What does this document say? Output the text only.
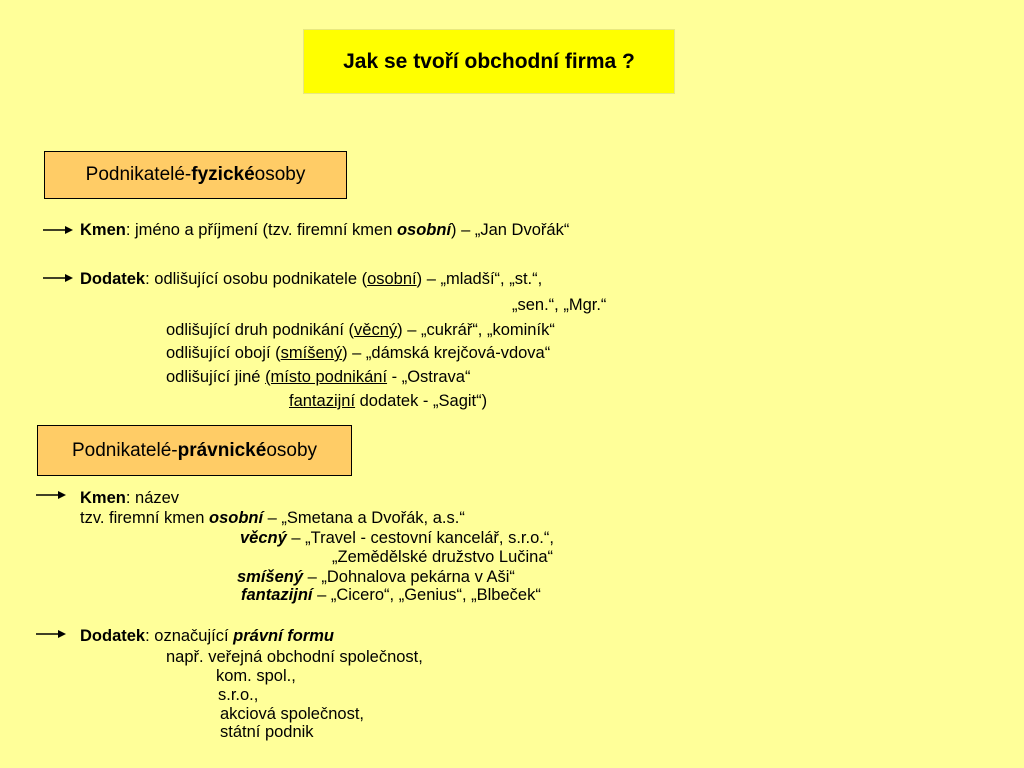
Jak se tvoří obchodní firma ?
Podnikatelé- fyzické osoby
Kmen: jméno a příjmení (tzv. firemní kmen osobní) – „Jan Dvořák“
Dodatek: odlišující osobu podnikatele (osobní) – „mladší“, „st.“,
„sen.“, „Mgr.“
odlišující druh podnikání (věcný) – „cukrář“, „kominík“
odlišující obojí (smíšený) – „dámská krejčová-vdova“
odlišující jiné (místo podnikání - „Ostrava“
fantazijní dodatek - „Sagit“)
Podnikatelé- právnické osoby
Kmen: název
tzv. firemní kmen osobní – „Smetana a Dvořák, a.s.“
věcný – „Travel - cestovní kancelář, s.r.o.“,
„Zemědělské družstvo Lučina“
smíšený – „Dohnalova pekárna v Aši“
fantazijní – „Cicero“, „Genius“, „Blbeček“
Dodatek: označující právní formu
např. veřejná obchodní společnost,
kom. spol.,
s.r.o.,
akciová společnost,
státní podnik
